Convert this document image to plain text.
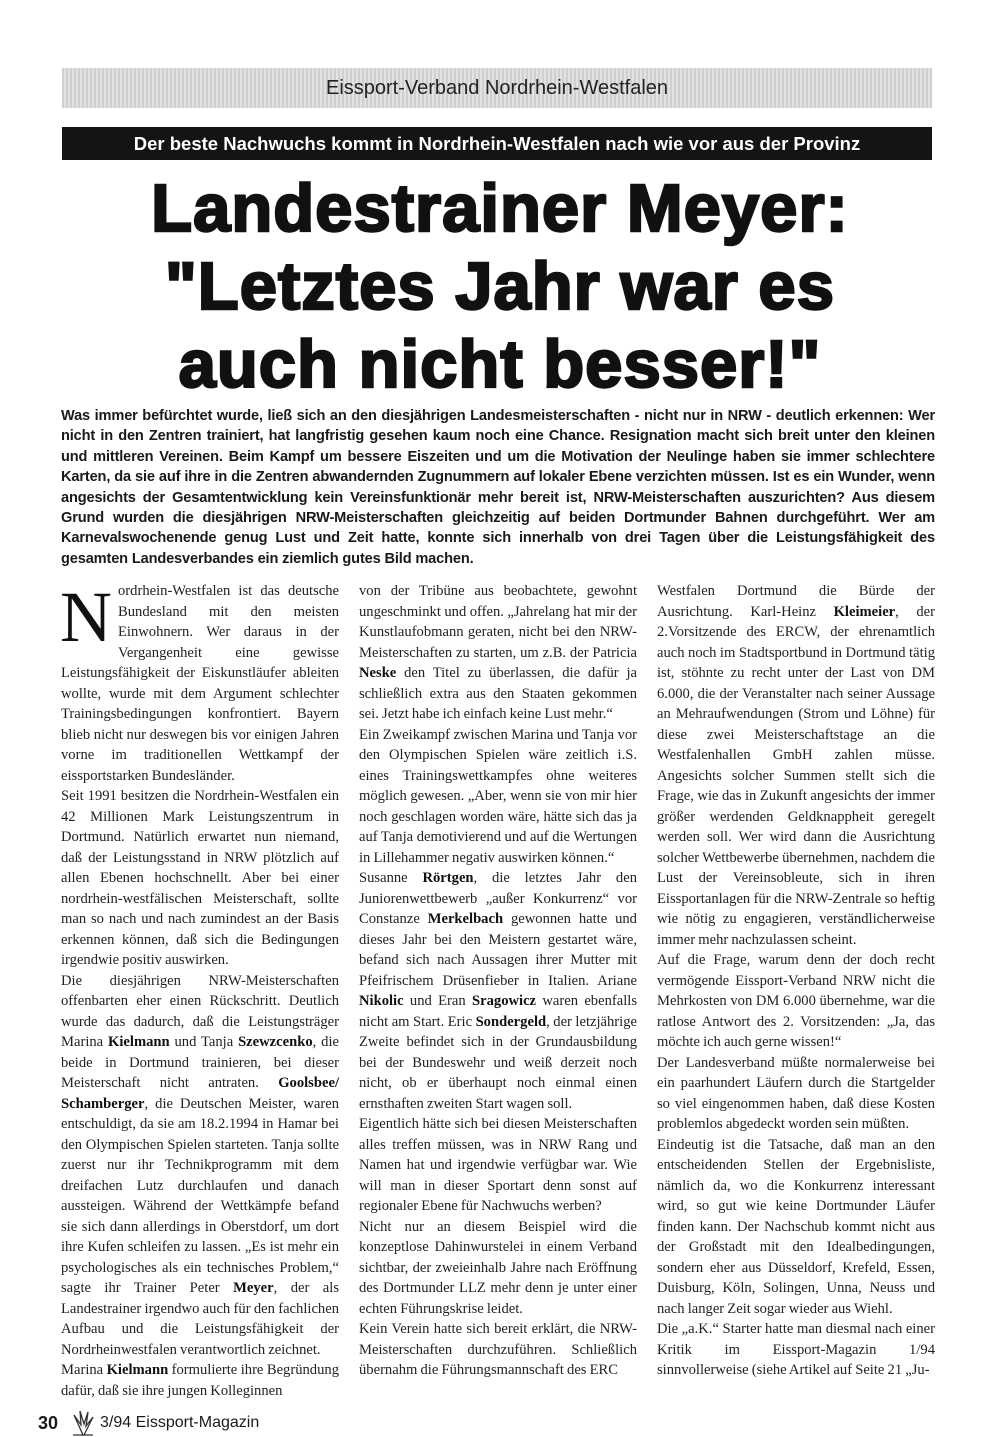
Eissport-Verband Nordrhein-Westfalen
Der beste Nachwuchs kommt in Nordrhein-Westfalen nach wie vor aus der Provinz
Landestrainer Meyer:
"Letztes Jahr war es
auch nicht besser!"
Was immer befürchtet wurde, ließ sich an den diesjährigen Landesmeisterschaften - nicht nur in NRW - deutlich erkennen: Wer nicht in den Zentren trainiert, hat langfristig gesehen kaum noch eine Chance. Resignation macht sich breit unter den kleinen und mittleren Vereinen. Beim Kampf um bessere Eiszeiten und um die Motivation der Neulinge haben sie immer schlechtere Karten, da sie auf ihre in die Zentren abwandernden Zugnummern auf lokaler Ebene verzichten müssen. Ist es ein Wunder, wenn angesichts der Gesamtentwicklung kein Vereinsfunktionär mehr bereit ist, NRW-Meisterschaften auszurichten? Aus diesem Grund wurden die diesjährigen NRW-Meisterschaften gleichzeitig auf beiden Dortmunder Bahnen durchgeführt. Wer am Karnevalswochenende genug Lust und Zeit hatte, konnte sich innerhalb von drei Tagen über die Leistungsfähigkeit des gesamten Landesverbandes ein ziemlich gutes Bild machen.

Nordrhein-Westfalen ist das deutsche Bundesland mit den meisten Einwohnern. Wer daraus in der Vergangenheit eine gewisse Leistungsfähigkeit der Eiskunstläufer ableiten wollte, wurde mit dem Argument schlechter Trainingsbedingungen konfrontiert. Bayern blieb nicht nur deswegen bis vor einigen Jahren vorne im traditionellen Wettkampf der eissportstarken Bundesländer.

Seit 1991 besitzen die Nordrhein-Westfalen ein 42 Millionen Mark Leistungszentrum in Dortmund. Natürlich erwartet nun niemand, daß der Leistungsstand in NRW plötzlich auf allen Ebenen hochschnellt. Aber bei einer nordrhein-westfälischen Meisterschaft, sollte man so nach und nach zumindest an der Basis erkennen können, daß sich die Bedingungen irgendwie positiv auswirken.

Die diesjährigen NRW-Meisterschaften offenbarten eher einen Rückschritt. Deutlich wurde das dadurch, daß die Leistungsträger Marina Kielmann und Tanja Szewzcenko, die beide in Dortmund trainieren, bei dieser Meisterschaft nicht antraten. Goolsbee/ Schamberger, die Deutschen Meister, waren entschuldigt, da sie am 18.2.1994 in Hamar bei den Olympischen Spielen starteten. Tanja sollte zuerst nur ihr Technikprogramm mit dem dreifachen Lutz durchlaufen und danach aussteigen. Während der Wettkämpfe befand sie sich dann allerdings in Oberstdorf, um dort ihre Kufen schleifen zu lassen. „Es ist mehr ein psychologisches als ein technisches Problem,“ sagte ihr Trainer Peter Meyer, der als Landestrainer irgendwo auch für den fachlichen Aufbau und die Leistungsfähigkeit der Nordrheinwestfalen verantwortlich zeichnet.

Marina Kielmann formulierte ihre Begründung dafür, daß sie ihre jungen Kolleginnen

von der Tribüne aus beobachtete, gewohnt ungeschminkt und offen. „Jahrelang hat mir der Kunstlaufobmann geraten, nicht bei den NRW-Meisterschaften zu starten, um z.B. der Patricia Neske den Titel zu überlassen, die dafür ja schließlich extra aus den Staaten gekommen sei. Jetzt habe ich einfach keine Lust mehr.“

Ein Zweikampf zwischen Marina und Tanja vor den Olympischen Spielen wäre zeitlich i.S. eines Trainingswettkampfes ohne weiteres möglich gewesen. „Aber, wenn sie von mir hier noch geschlagen worden wäre, hätte sich das ja auf Tanja demotivierend und auf die Wertungen in Lillehammer negativ auswirken können.“

Susanne Rörtgen, die letztes Jahr den Juniorenwettbewerb „außer Konkurrenz“ vor Constanze Merkelbach gewonnen hatte und dieses Jahr bei den Meistern gestartet wäre, befand sich nach Aussagen ihrer Mutter mit Pfeifrischem Drüsenfieber in Italien. Ariane Nikolic und Eran Sragowicz waren ebenfalls nicht am Start. Eric Sondergeld, der letzjährige Zweite befindet sich in der Grundausbildung bei der Bundeswehr und weiß derzeit noch nicht, ob er überhaupt noch einmal einen ernsthaften zweiten Start wagen soll.

Eigentlich hätte sich bei diesen Meisterschaften alles treffen müssen, was in NRW Rang und Namen hat und irgendwie verfügbar war. Wie will man in dieser Sportart denn sonst auf regionaler Ebene für Nachwuchs werben?

Nicht nur an diesem Beispiel wird die konzeptlose Dahinwurstelei in einem Verband sichtbar, der zweieinhalb Jahre nach Eröffnung des Dortmunder LLZ mehr denn je unter einer echten Führungskrise leidet.

Kein Verein hatte sich bereit erklärt, die NRW-Meisterschaften durchzuführen. Schließlich übernahm die Führungsmannschaft des ERC

Westfalen Dortmund die Bürde der Ausrichtung. Karl-Heinz Kleimeier, der 2.Vorsitzende des ERCW, der ehrenamtlich auch noch im Stadtsportbund in Dortmund tätig ist, stöhnte zu recht unter der Last von DM 6.000, die der Veranstalter nach seiner Aussage an Mehraufwendungen (Strom und Löhne) für diese zwei Meisterschaftstage an die Westfalenhallen GmbH zahlen müsse. Angesichts solcher Summen stellt sich die Frage, wie das in Zukunft angesichts der immer größer werdenden Geldknappheit geregelt werden soll. Wer wird dann die Ausrichtung solcher Wettbewerbe übernehmen, nachdem die Lust der Vereinsobleute, sich in ihren Eissportanlagen für die NRW-Zentrale so heftig wie nötig zu engagieren, verständlicherweise immer mehr nachzulassen scheint.

Auf die Frage, warum denn der doch recht vermögende Eissport-Verband NRW nicht die Mehrkosten von DM 6.000 übernehme, war die ratlose Antwort des 2. Vorsitzenden: „Ja, das möchte ich auch gerne wissen!“

Der Landesverband müßte normalerweise bei ein paarhundert Läufern durch die Startgelder so viel eingenommen haben, daß diese Kosten problemlos abgedeckt worden sein müßten.

Eindeutig ist die Tatsache, daß man an den entscheidenden Stellen der Ergebnisliste, nämlich da, wo die Konkurrenz interessant wird, so gut wie keine Dortmunder Läufer finden kann. Der Nachschub kommt nicht aus der Großstadt mit den Idealbedingungen, sondern eher aus Düsseldorf, Krefeld, Essen, Duisburg, Köln, Solingen, Unna, Neuss und nach langer Zeit sogar wieder aus Wiehl.

Die „a.K.“ Starter hatte man diesmal nach einer Kritik im Eissport-Magazin 1/94 sinnvollerweise (siehe Artikel auf Seite 21 „Ju-

30	3/94 Eissport-Magazin
